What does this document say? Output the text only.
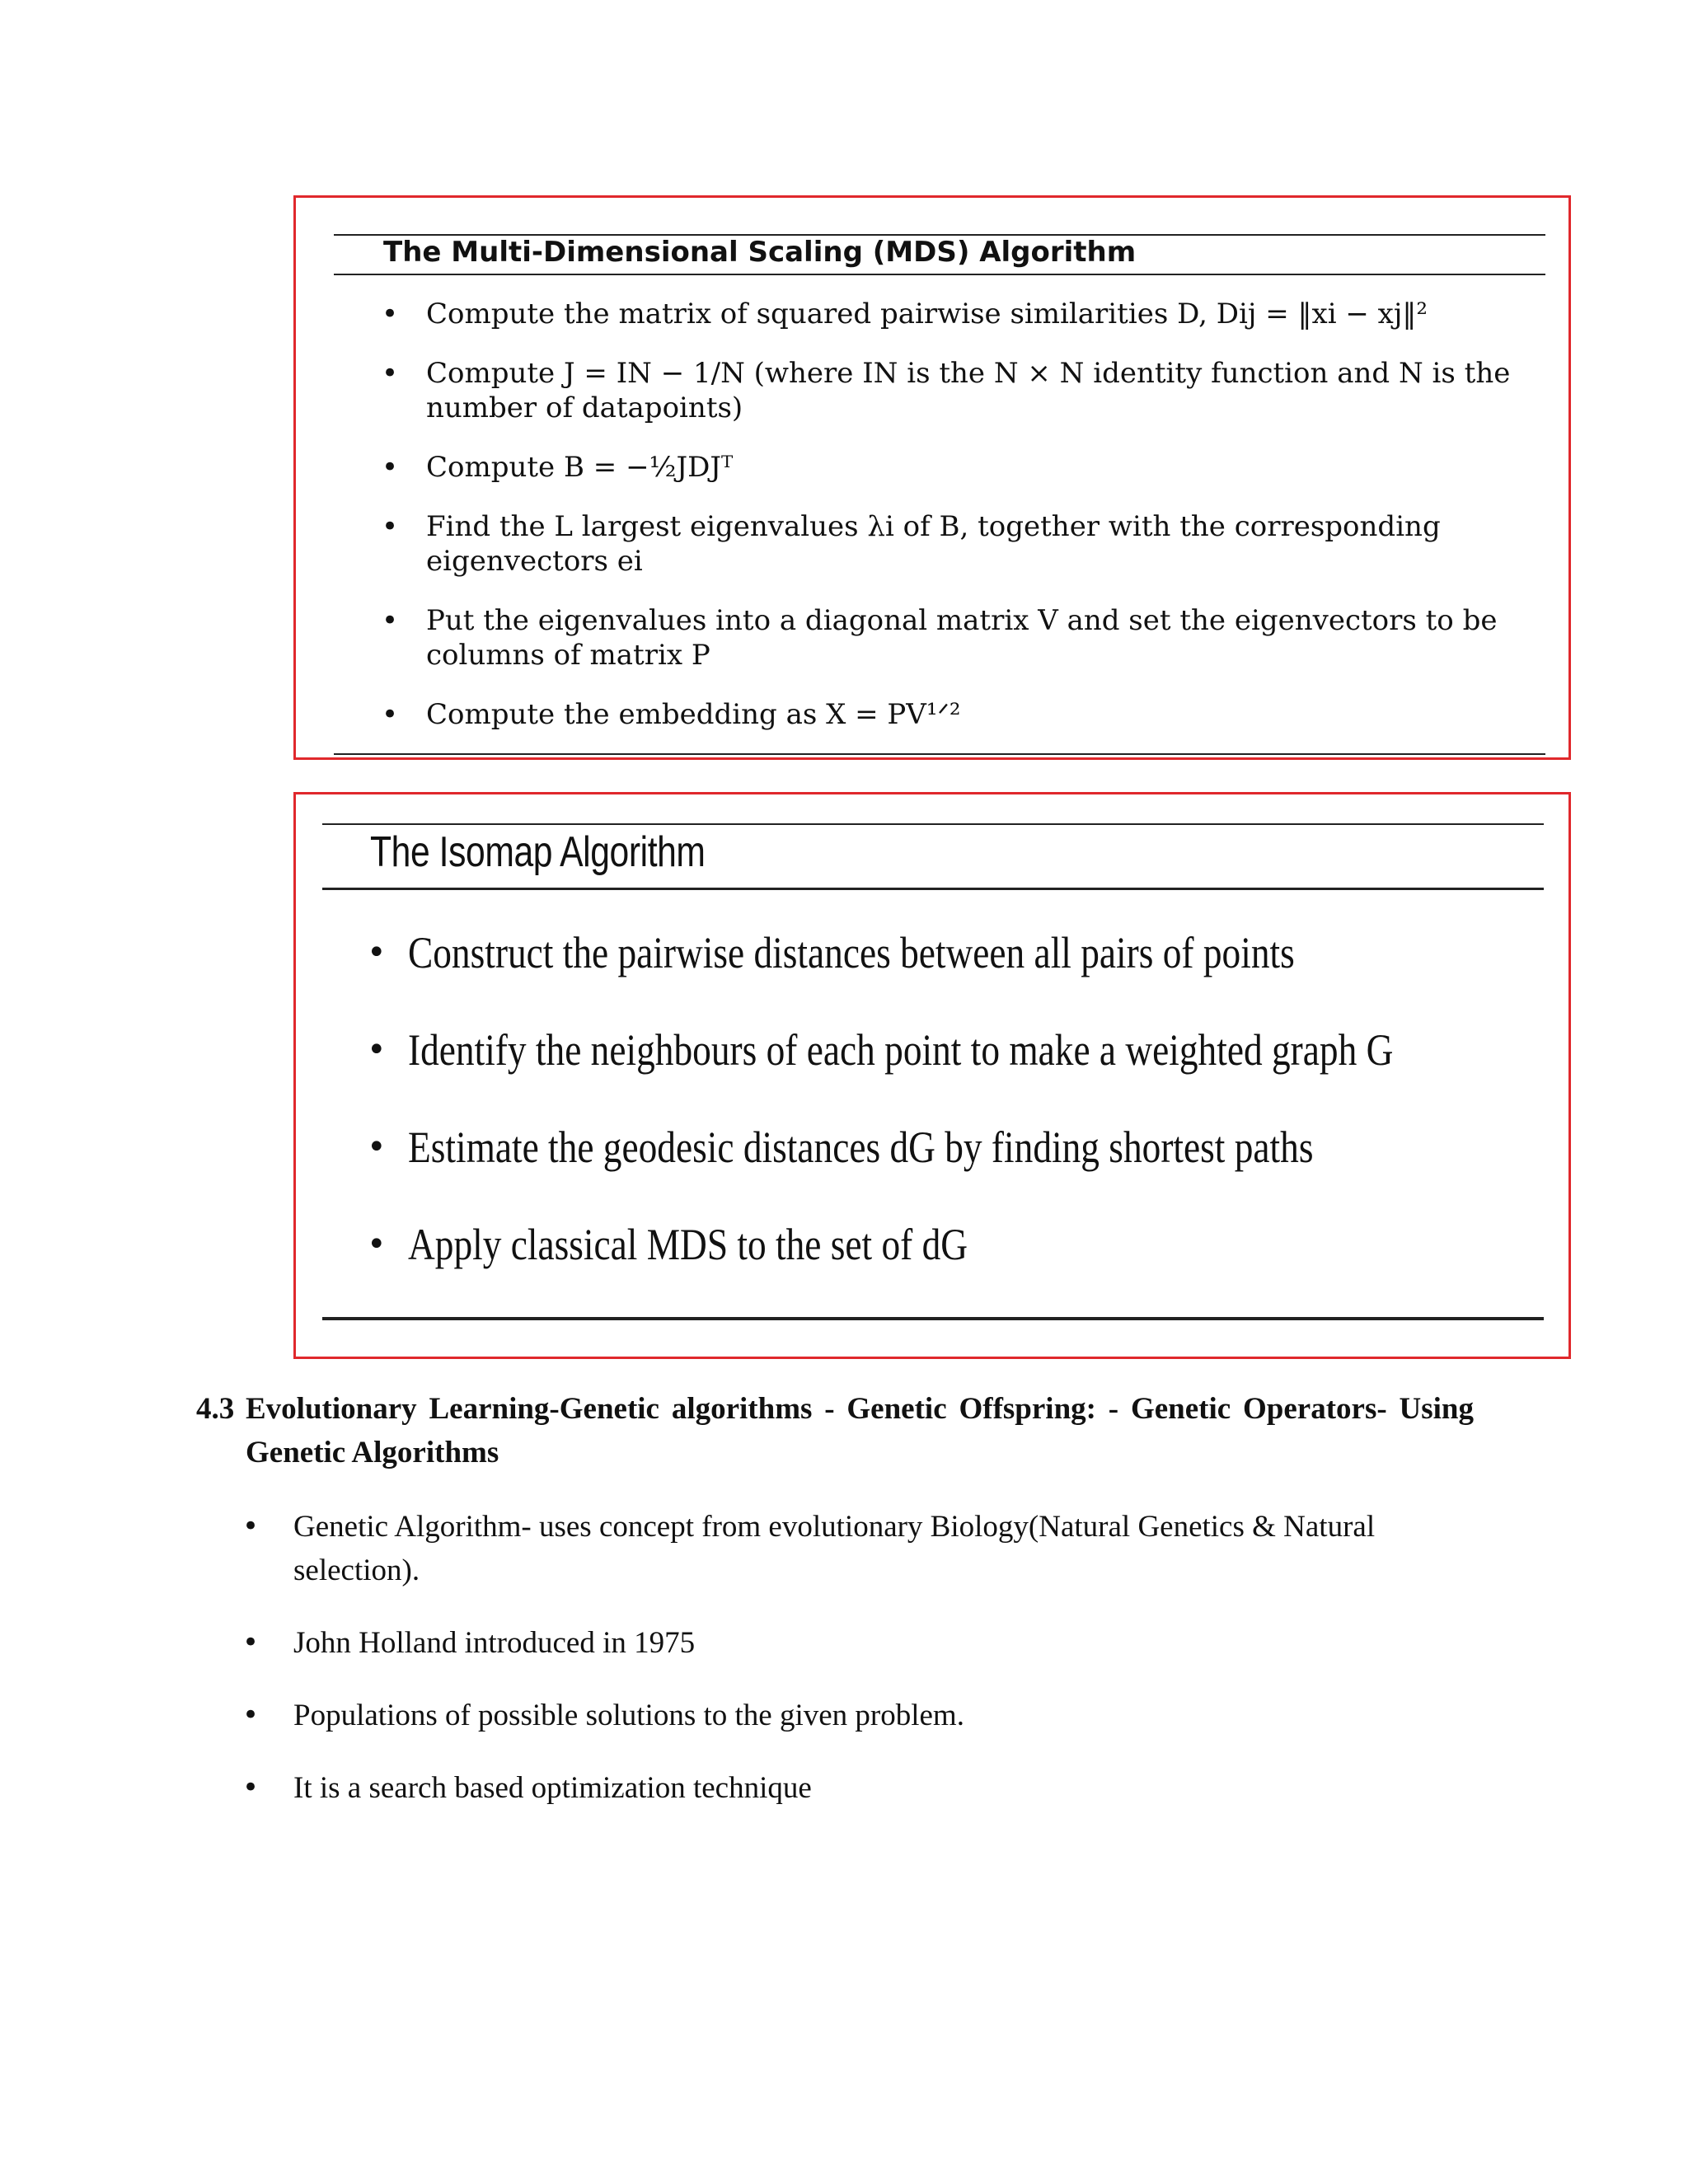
The Multi-Dimensional Scaling (MDS) Algorithm
• Compute the matrix of squared pairwise similarities D, Dij = ‖xi − xj‖²
• Compute J = IN − 1/N (where IN is the N × N identity function and N is the number of datapoints)
• Compute B = −½JDJᵀ
• Find the L largest eigenvalues λi of B, together with the corresponding eigenvectors ei
• Put the eigenvalues into a diagonal matrix V and set the eigenvectors to be columns of matrix P
• Compute the embedding as X = PV¹ᐟ²
The Isomap Algorithm
• Construct the pairwise distances between all pairs of points
• Identify the neighbours of each point to make a weighted graph G
• Estimate the geodesic distances dG by finding shortest paths
• Apply classical MDS to the set of dG
4.3 Evolutionary Learning-Genetic algorithms - Genetic Offspring: - Genetic Operators- Using Genetic Algorithms
• Genetic Algorithm- uses concept from evolutionary Biology(Natural Genetics & Natural selection).
• John Holland introduced in 1975
• Populations of possible solutions to the given problem.
• It is a search based optimization technique
